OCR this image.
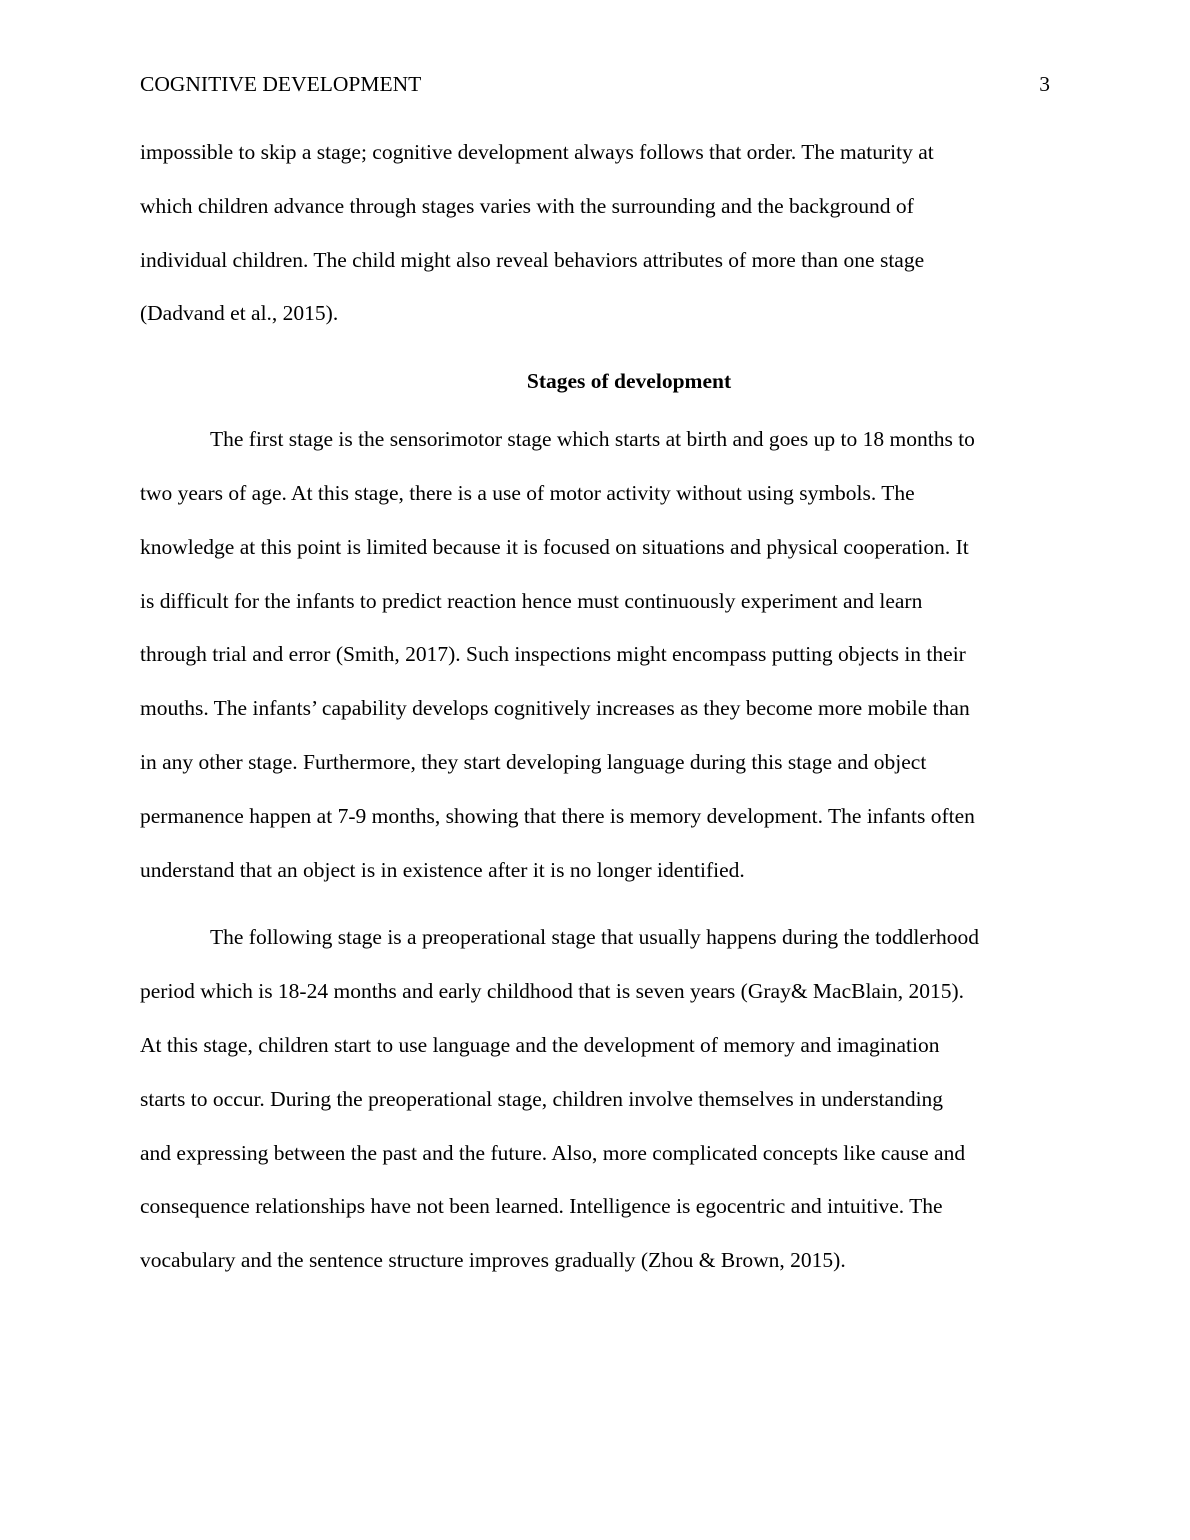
COGNITIVE DEVELOPMENT	3
impossible to skip a stage; cognitive development always follows that order. The maturity at
which children advance through stages varies with the surrounding and the background of
individual children. The child might also reveal behaviors attributes of more than one stage
(Dadvand et al., 2015).
Stages of development
The first stage is the sensorimotor stage which starts at birth and goes up to 18 months to
two years of age. At this stage, there is a use of motor activity without using symbols. The
knowledge at this point is limited because it is focused on situations and physical cooperation. It
is difficult for the infants to predict reaction hence must continuously experiment and learn
through trial and error (Smith, 2017). Such inspections might encompass putting objects in their
mouths. The infants’ capability develops cognitively increases as they become more mobile than
in any other stage. Furthermore, they start developing language during this stage and object
permanence happen at 7-9 months, showing that there is memory development. The infants often
understand that an object is in existence after it is no longer identified.
The following stage is a preoperational stage that usually happens during the toddlerhood
period which is 18-24 months and early childhood that is seven years (Gray& MacBlain, 2015).
At this stage, children start to use language and the development of memory and imagination
starts to occur. During the preoperational stage, children involve themselves in understanding
and expressing between the past and the future. Also, more complicated concepts like cause and
consequence relationships have not been learned. Intelligence is egocentric and intuitive. The
vocabulary and the sentence structure improves gradually (Zhou & Brown, 2015).
